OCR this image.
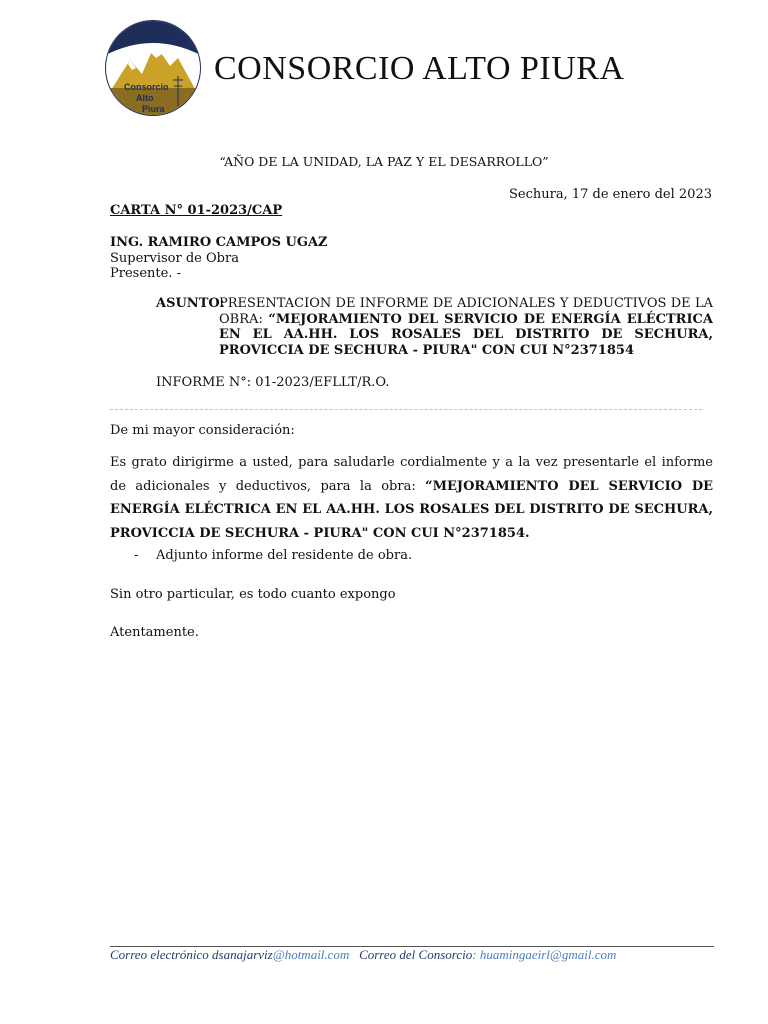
Consorcio
Alto
Piura
CONSORCIO ALTO PIURA
“AÑO DE LA UNIDAD, LA PAZ Y EL DESARROLLO”
Sechura, 17 de enero del 2023
CARTA N° 01-2023/CAP
ING. RAMIRO CAMPOS UGAZ
Supervisor de Obra
Presente. -
ASUNTO:
PRESENTACION DE INFORME DE ADICIONALES Y DEDUCTIVOS DE LA OBRA: “MEJORAMIENTO DEL SERVICIO DE ENERGÍA ELÉCTRICA EN EL AA.HH. LOS ROSALES DEL DISTRITO DE SECHURA, PROVICCIA DE SECHURA - PIURA" CON CUI N°2371854
INFORME N°: 01-2023/EFLLT/R.O.
De mi mayor consideración:
Es grato dirigirme a usted, para saludarle cordialmente y a la vez presentarle el informe de adicionales y deductivos, para la obra: “MEJORAMIENTO DEL SERVICIO DE ENERGÍA ELÉCTRICA EN EL AA.HH. LOS ROSALES DEL DISTRITO DE SECHURA, PROVICCIA DE SECHURA - PIURA" CON CUI N°2371854.
- Adjunto informe del residente de obra.
Sin otro particular, es todo cuanto expongo
Atentamente.
Correo electrónico dsanajarviz@hotmail.com Correo del Consorcio: huamingaeirl@gmail.com
